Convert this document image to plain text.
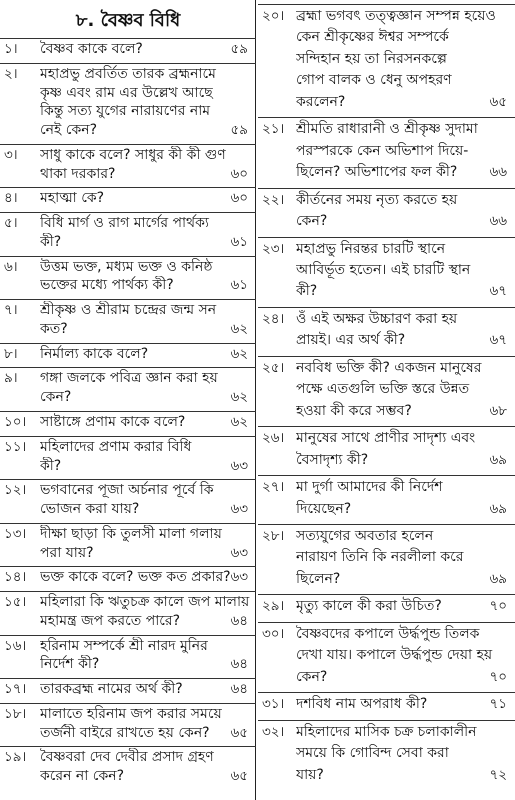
৮. বৈষ্ণব বিধি
১।	বৈষ্ণব কাকে বলে?	৫৯
২।	মহাপ্রভু প্রবর্তিত তারক ব্রহ্মনামে
কৃষ্ণ এবং রাম এর উল্লেখ আছে
কিন্তু সত্য যুগের নারায়ণের নাম
নেই কেন?	৫৯
৩।	সাধু কাকে বলে? সাধুর কী কী গুণ
থাকা দরকার?	৬০
৪।	মহাত্মা কে?	৬০
৫।	বিধি মার্গ ও রাগ মার্গের পার্থক্য
কী?	৬১
৬।	উত্তম ভক্ত, মধ্যম ভক্ত ও কনিষ্ঠ
ভক্তের মধ্যে পার্থক্য কী?	৬১
৭।	শ্রীকৃষ্ণ ও শ্রীরাম চন্দ্রের জন্ম সন
কত?	৬২
৮।	নির্মাল্য কাকে বলে?	৬২
৯।	গঙ্গা জলকে পবিত্র জ্ঞান করা হয়
কেন?	৬২
১০। সাষ্টাঙ্গে প্রণাম কাকে বলে?	৬২
১১। মহিলাদের প্রণাম করার বিধি
কী?	৬৩
১২। ভগবানের পূজা অর্চনার পূর্বে কি
ভোজন করা যায়?	৬৩
১৩। দীক্ষা ছাড়া কি তুলসী মালা গলায়
পরা যায়?	৬৩
১৪। ভক্ত কাকে বলে? ভক্ত কত প্রকার? ৬৩
১৫। মহিলারা কি ঋতুচক্র কালে জপ মালায়
মহামন্ত্র জপ করতে পারে?	৬৪
১৬। হরিনাম সম্পর্কে শ্রী নারদ মুনির
নির্দেশ কী?	৬৪
১৭। তারকব্রহ্ম নামের অর্থ কী?	৬৪
১৮। মালাতে হরিনাম জপ করার সময়ে
তর্জনী বাইরে রাখতে হয় কেন?	৬৫
১৯। বৈষ্ণবরা দেব দেবীর প্রসাদ গ্রহণ
করেন না কেন?	৬৫
২০। ব্রহ্মা ভগবৎ তত্ত্বজ্ঞান সম্পন্ন হয়েও
কেন শ্রীকৃষ্ণের ঈশ্বর সম্পর্কে
সন্দিহান হয় তা নিরসনকল্পে
গোপ বালক ও ধেনু অপহরণ
করলেন?	৬৫
২১। শ্রীমতি রাধারানী ও শ্রীকৃষ্ণ সুদামা
পরস্পরকে কেন অভিশাপ দিয়ে-
ছিলেন? অভিশাপের ফল কী?	৬৬
২২। কীর্তনের সময় নৃত্য করতে হয়
কেন?	৬৬
২৩। মহাপ্রভু নিরন্তর চারটি স্থানে
আবির্ভূত হতেন। এই চারটি স্থান
কী?	৬৭
২৪। ওঁ এই অক্ষর উচ্চারণ করা হয়
প্রায়ই। এর অর্থ কী?	৬৭
২৫। নববিধ ভক্তি কী? একজন মানুষের
পক্ষে এতগুলি ভক্তি স্তরে উন্নত
হওয়া কী করে সম্ভব?	৬৮
২৬। মানুষের সাথে প্রাণীর সাদৃশ্য এবং
বৈসাদৃশ্য কী?	৬৯
২৭। মা দুর্গা আমাদের কী নির্দেশ
দিয়েছেন?	৬৯
২৮। সত্যযুগের অবতার হলেন
নারায়ণ তিনি কি নরলীলা করে
ছিলেন?	৬৯
২৯। মৃত্যু কালে কী করা উচিত?	৭০
৩০। বৈষ্ণবদের কপালে উর্দ্ধপুন্ড তিলক
দেখা যায়। কপালে উর্দ্ধপুন্ড দেয়া হয়
কেন?	৭০
৩১। দশবিধ নাম অপরাধ কী?	৭১
৩২। মহিলাদের মাসিক চক্র চলাকালীন
সময়ে কি গোবিন্দ সেবা করা
যায়?	৭২
